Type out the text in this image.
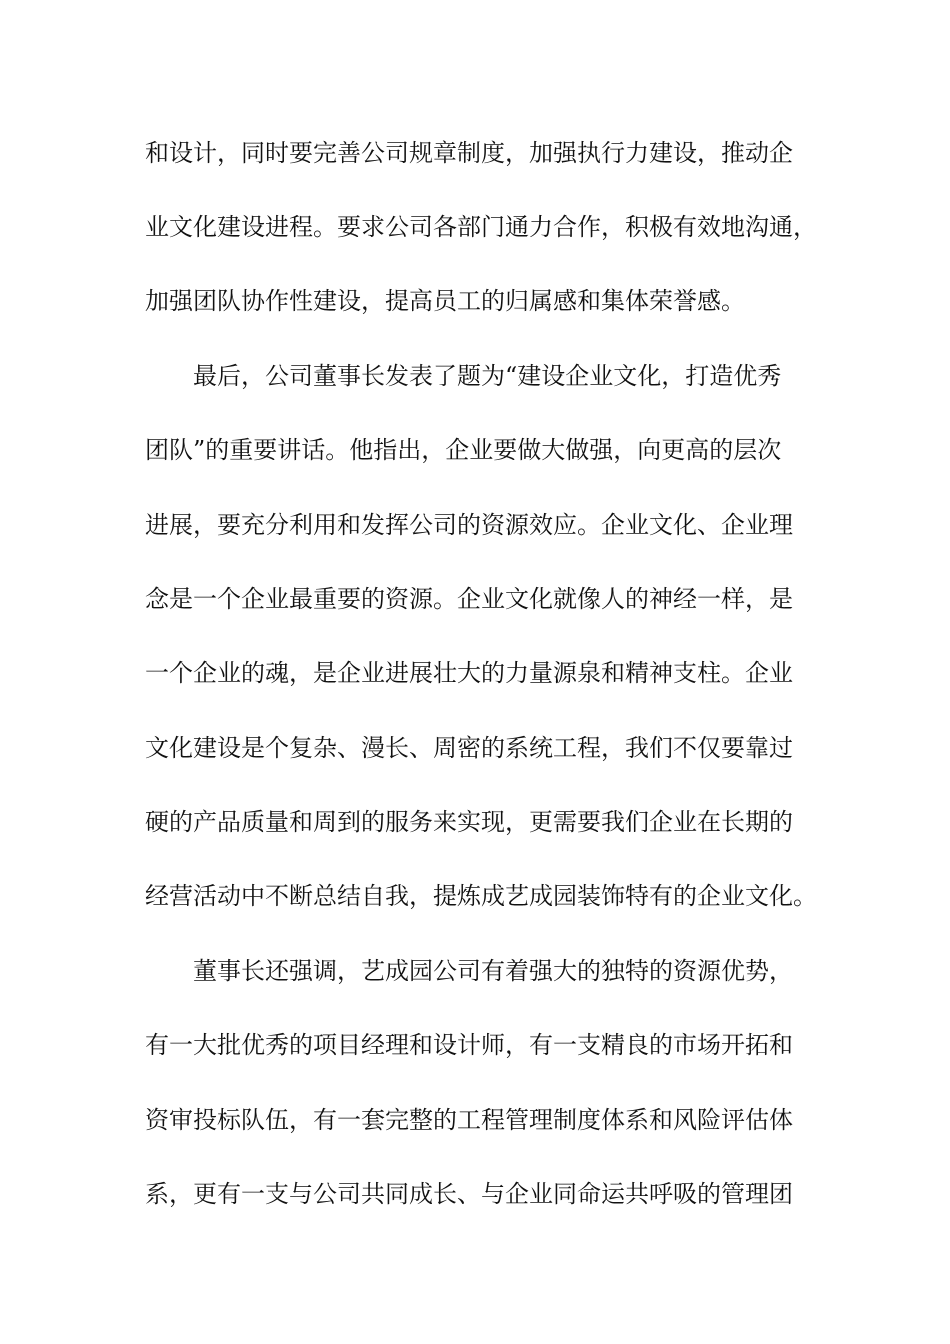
和设计，同时要完善公司规章制度，加强执行力建设，推动企
业文化建设进程。要求公司各部门通力合作，积极有效地沟通，
加强团队协作性建设，提高员工的归属感和集体荣誉感。
最后，公司董事长发表了题为“建设企业文化，打造优秀
团队”的重要讲话。他指出，企业要做大做强，向更高的层次
进展，要充分利用和发挥公司的资源效应。企业文化、企业理
念是一个企业最重要的资源。企业文化就像人的神经一样，是
一个企业的魂，是企业进展壮大的力量源泉和精神支柱。企业
文化建设是个复杂、漫长、周密的系统工程，我们不仅要靠过
硬的产品质量和周到的服务来实现，更需要我们企业在长期的
经营活动中不断总结自我，提炼成艺成园装饰特有的企业文化。
董事长还强调，艺成园公司有着强大的独特的资源优势，
有一大批优秀的项目经理和设计师，有一支精良的市场开拓和
资审投标队伍，有一套完整的工程管理制度体系和风险评估体
系，更有一支与公司共同成长、与企业同命运共呼吸的管理团
